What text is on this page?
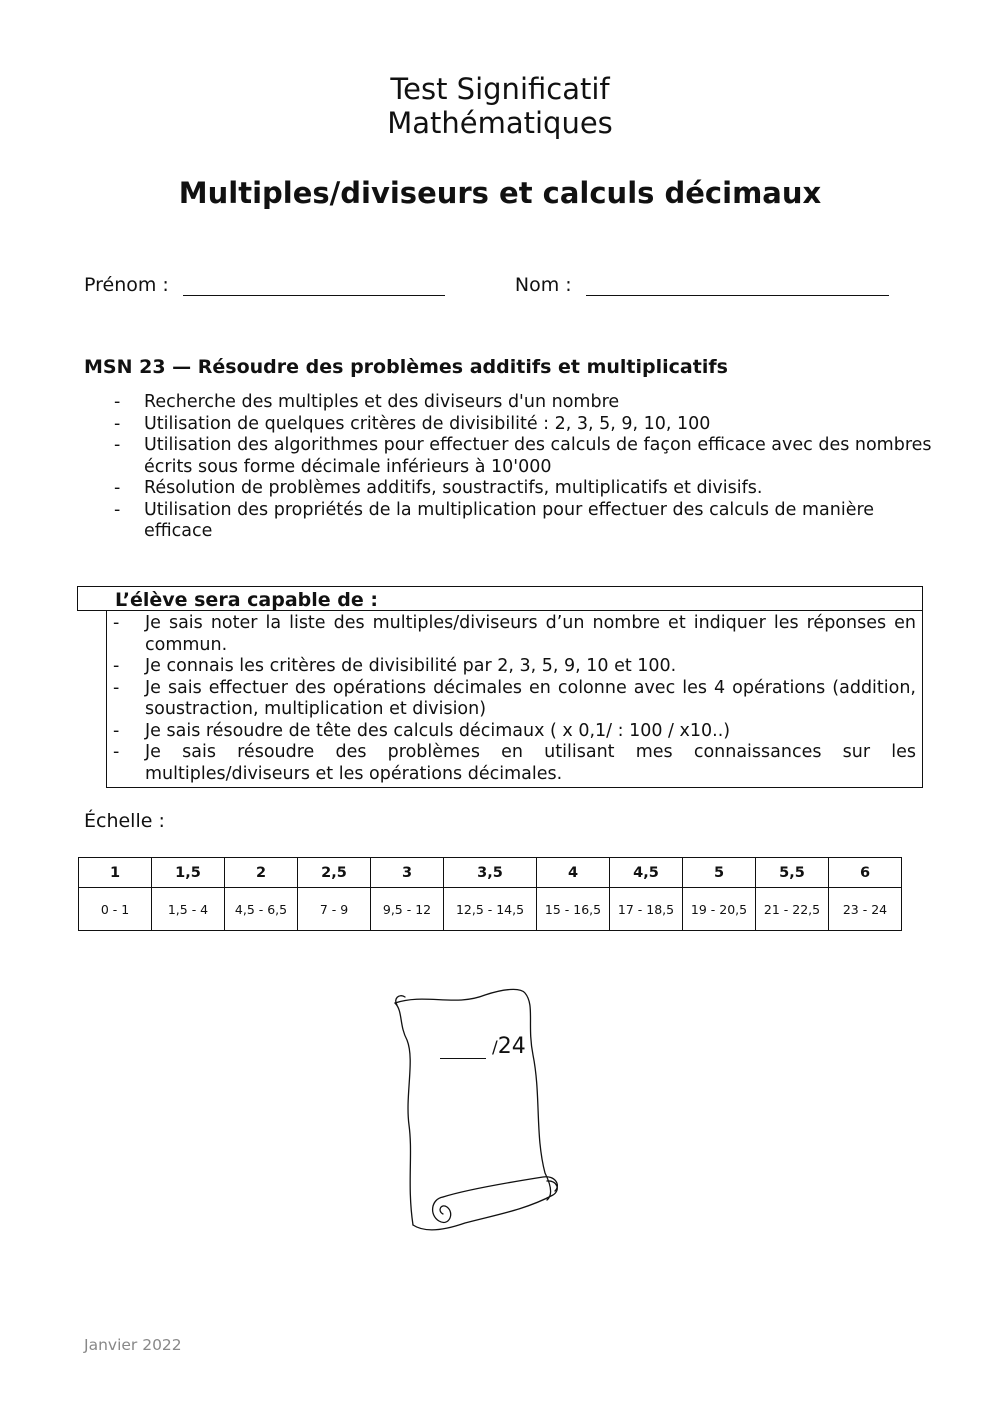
Test Significatif
Mathématiques
Multiples/diviseurs et calculs décimaux
Prénom :	Nom :
MSN 23 — Résoudre des problèmes additifs et multiplicatifs
- Recherche des multiples et des diviseurs d'un nombre
- Utilisation de quelques critères de divisibilité : 2, 3, 5, 9, 10, 100
- Utilisation des algorithmes pour effectuer des calculs de façon efficace avec des nombres écrits sous forme décimale inférieurs à 10'000
- Résolution de problèmes additifs, soustractifs, multiplicatifs et divisifs.
- Utilisation des propriétés de la multiplication pour effectuer des calculs de manière efficace
L’élève sera capable de :
- Je sais noter la liste des multiples/diviseurs d’un nombre et indiquer les réponses en commun.
- Je connais les critères de divisibilité par 2, 3, 5, 9, 10 et 100.
- Je sais effectuer des opérations décimales en colonne avec les 4 opérations (addition, soustraction, multiplication et division)
- Je sais résoudre de tête des calculs décimaux ( x 0,1/ : 100 / x10..)
- Je sais résoudre des problèmes en utilisant mes connaissances sur les multiples/diviseurs et les opérations décimales.
Échelle :
1	1,5	2	2,5	3	3,5	4	4,5	5	5,5	6
0 - 1	1,5 - 4	4,5 - 6,5	7 - 9	9,5 - 12	12,5 - 14,5	15 - 16,5	17 - 18,5	19 - 20,5	21 - 22,5	23 - 24
/24
Janvier 2022
